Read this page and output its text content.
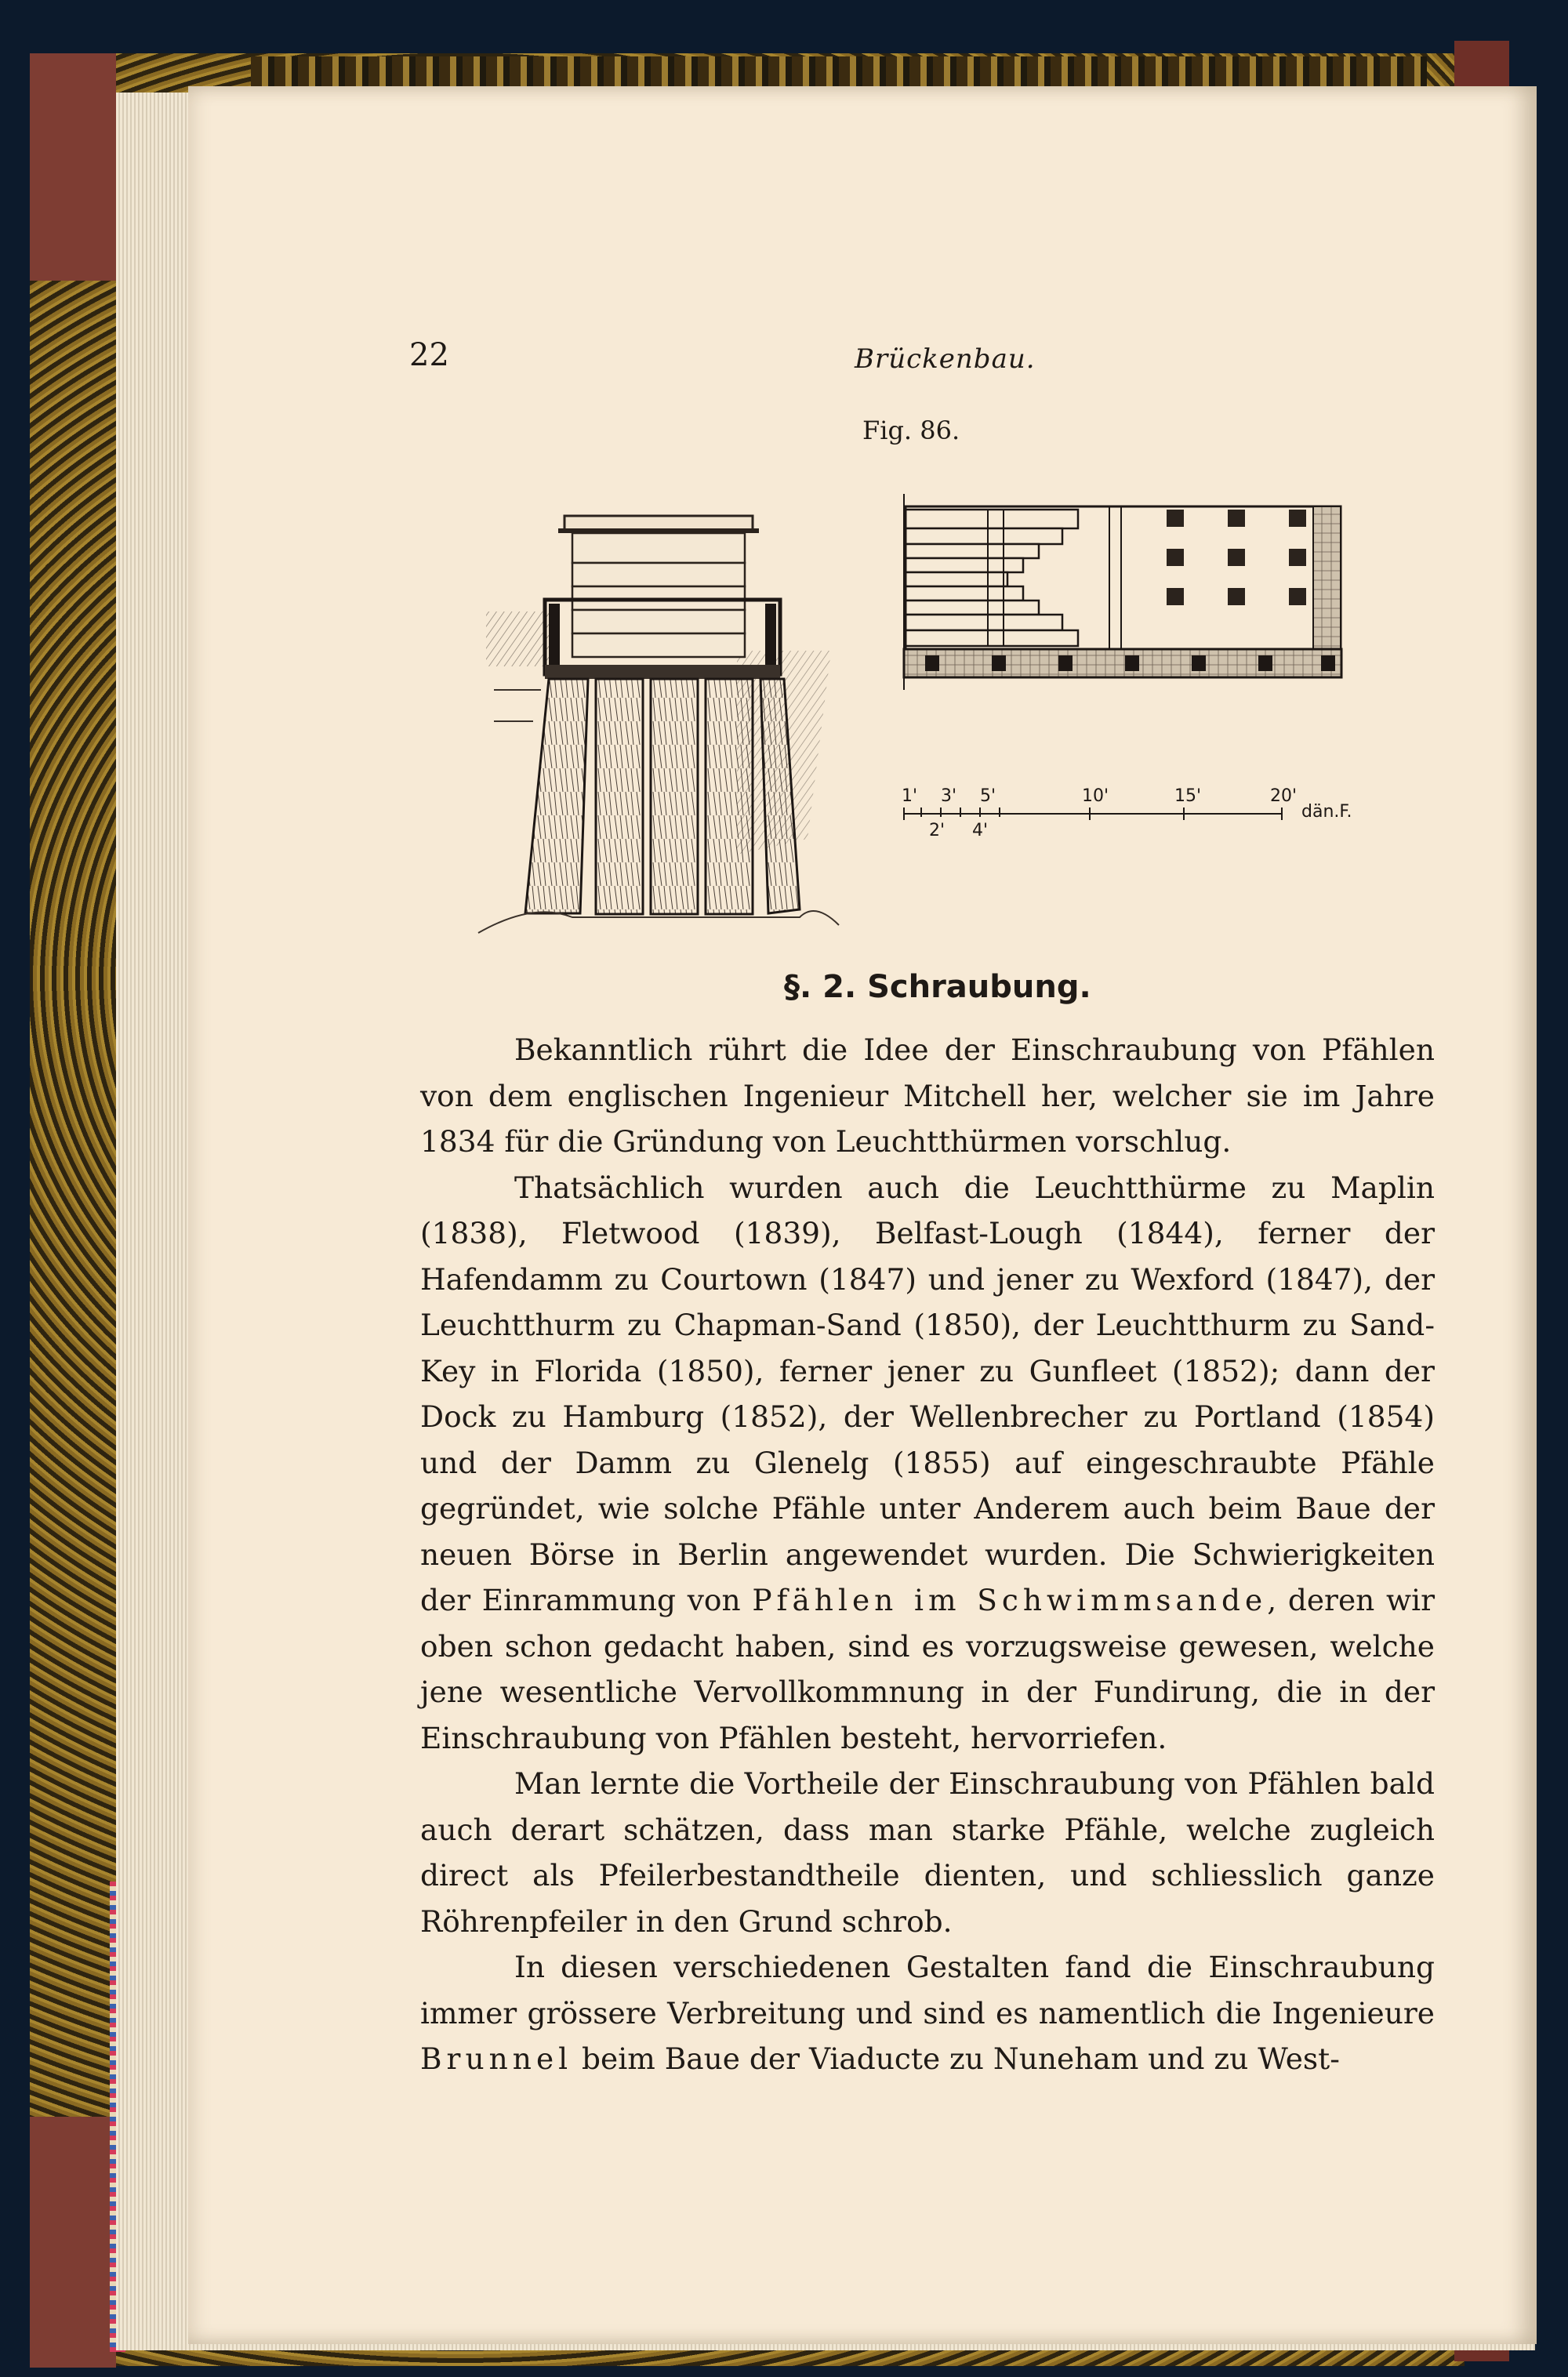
22	Brückenbau.
Fig. 86.
1' 3' 5'	10'	15'	20'
2' 4'
dän.F.
§. 2. Schraubung.

Bekanntlich rührt die Idee der Einschraubung von Pfählen von dem englischen Ingenieur Mitchell her, welcher sie im Jahre 1834 für die Gründung von Leuchtthürmen vorschlug.

Thatsächlich wurden auch die Leuchtthürme zu Maplin (1838), Fletwood (1839), Belfast-Lough (1844), ferner der Hafendamm zu Courtown (1847) und jener zu Wexford (1847), der Leuchtthurm zu Chapman-Sand (1850), der Leuchtthurm zu Sand-Key in Florida (1850), ferner jener zu Gunfleet (1852); dann der Dock zu Hamburg (1852), der Wellenbrecher zu Portland (1854) und der Damm zu Glenelg (1855) auf eingeschraubte Pfähle gegründet, wie solche Pfähle unter Anderem auch beim Baue der neuen Börse in Berlin angewendet wurden. Die Schwierigkeiten der Einrammung von Pfählen im Schwimmsande, deren wir oben schon gedacht haben, sind es vorzugsweise gewesen, welche jene wesentliche Vervollkommnung in der Fundirung, die in der Einschraubung von Pfählen besteht, hervorriefen.

Man lernte die Vortheile der Einschraubung von Pfählen bald auch derart schätzen, dass man starke Pfähle, welche zugleich direct als Pfeilerbestandtheile dienten, und schliesslich ganze Röhrenpfeiler in den Grund schrob.

In diesen verschiedenen Gestalten fand die Einschraubung immer grössere Verbreitung und sind es namentlich die Ingenieure Brunnel beim Baue der Viaducte zu Nuneham und zu West-
